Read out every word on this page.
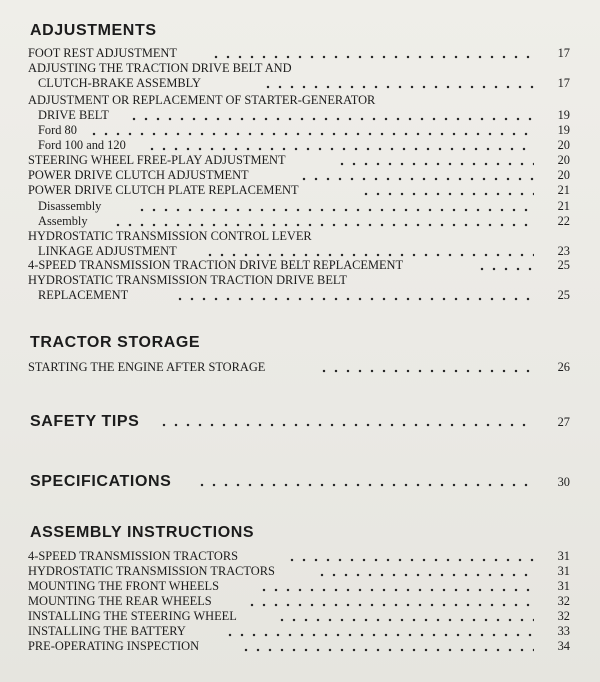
ADJUSTMENTS
FOOT REST ADJUSTMENT	17
ADJUSTING THE TRACTION DRIVE BELT AND
CLUTCH-BRAKE ASSEMBLY	17
ADJUSTMENT OR REPLACEMENT OF STARTER-GENERATOR
DRIVE BELT	19
Ford 80	19
Ford 100 and 120	20
STEERING WHEEL FREE-PLAY ADJUSTMENT	20
POWER DRIVE CLUTCH ADJUSTMENT	20
POWER DRIVE CLUTCH PLATE REPLACEMENT	21
Disassembly	21
Assembly	22
HYDROSTATIC TRANSMISSION CONTROL LEVER
LINKAGE ADJUSTMENT	23
4-SPEED TRANSMISSION TRACTION DRIVE BELT REPLACEMENT	25
HYDROSTATIC TRANSMISSION TRACTION DRIVE BELT
REPLACEMENT	25
TRACTOR STORAGE
STARTING THE ENGINE AFTER STORAGE	26
SAFETY TIPS	27
SPECIFICATIONS	30
ASSEMBLY INSTRUCTIONS
4-SPEED TRANSMISSION TRACTORS	31
HYDROSTATIC TRANSMISSION TRACTORS	31
MOUNTING THE FRONT WHEELS	31
MOUNTING THE REAR WHEELS	32
INSTALLING THE STEERING WHEEL	32
INSTALLING THE BATTERY	33
PRE-OPERATING INSPECTION	34
